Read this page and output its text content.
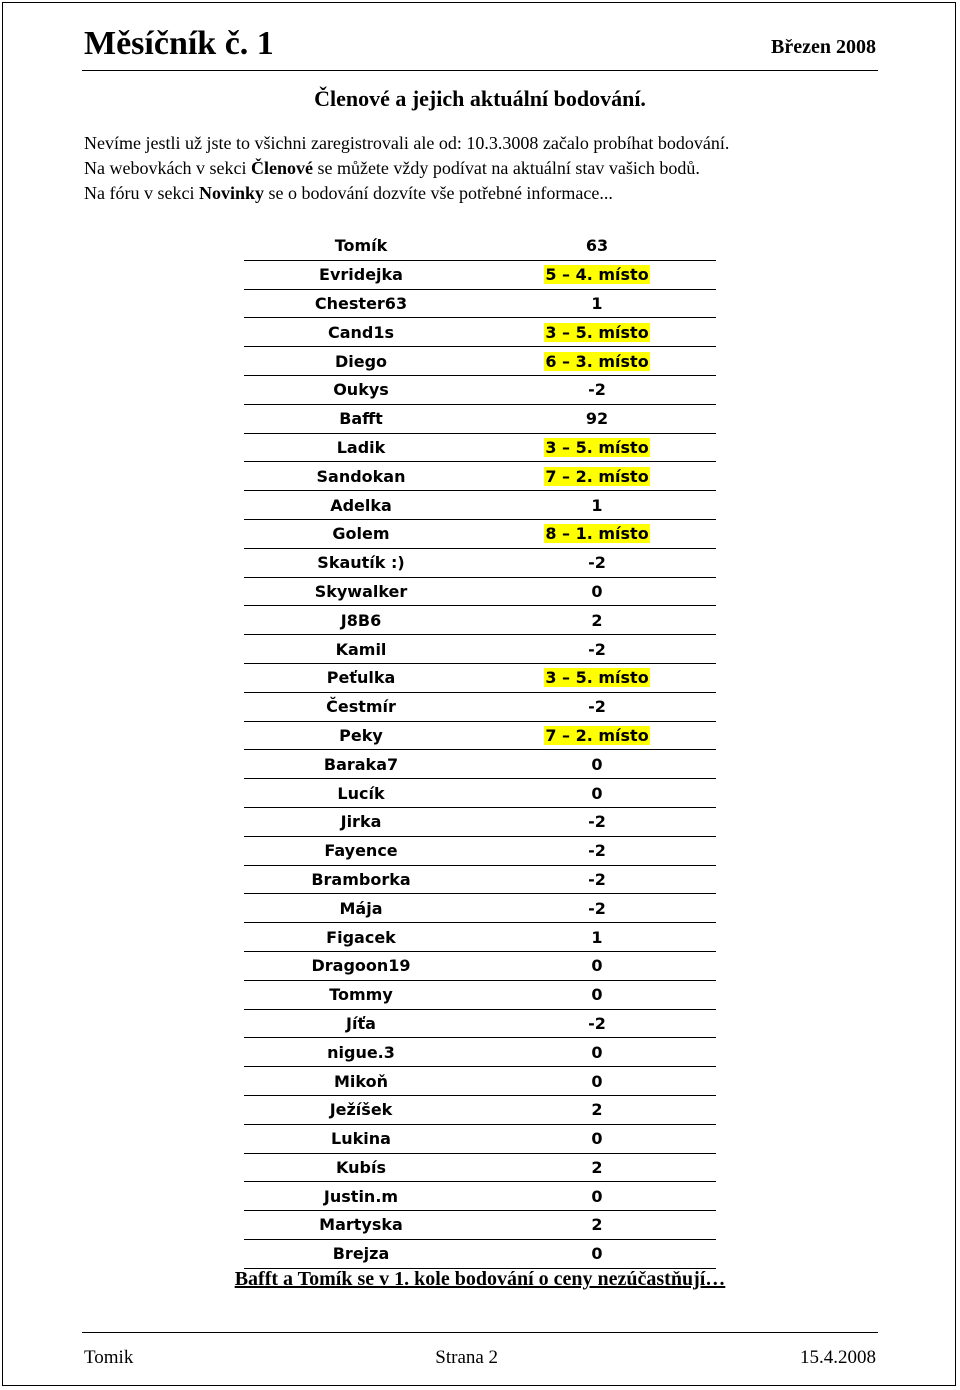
Měsíčník č. 1	Březen 2008
Členové a jejich aktuální bodování.

Nevíme jestli už jste to všichni zaregistrovali ale od: 10.3.3008 začalo probíhat bodování.

Na webovkách v sekci Členové se můžete vždy podívat na aktuální stav vašich bodů.

Na fóru v sekci Novinky se o bodování dozvíte vše potřebné informace...

Tomík	63
Evridejka	5 – 4. místo
Chester63	1
Cand1s	3 – 5. místo
Diego	6 – 3. místo
Oukys	-2
Bafft	92
Ladik	3 – 5. místo
Sandokan	7 – 2. místo
Adelka	1
Golem	8 – 1. místo
Skautík :)	-2
Skywalker	0
J8B6	2
Kamil	-2
Peťulka	3 – 5. místo
Čestmír	-2
Peky	7 – 2. místo
Baraka7	0
Lucík	0
Jirka	-2
Fayence	-2
Bramborka	-2
Mája	-2
Figacek	1
Dragoon19	0
Tommy	0
Jíťa	-2
nigue.3	0
Mikoň	0
Ježíšek	2
Lukina	0
Kubís	2
Justin.m	0
Martyska	2
Brejza	0
Bafft a Tomík se v 1. kole bodování o ceny nezúčastňují…
Tomik	Strana 2	15.4.2008
